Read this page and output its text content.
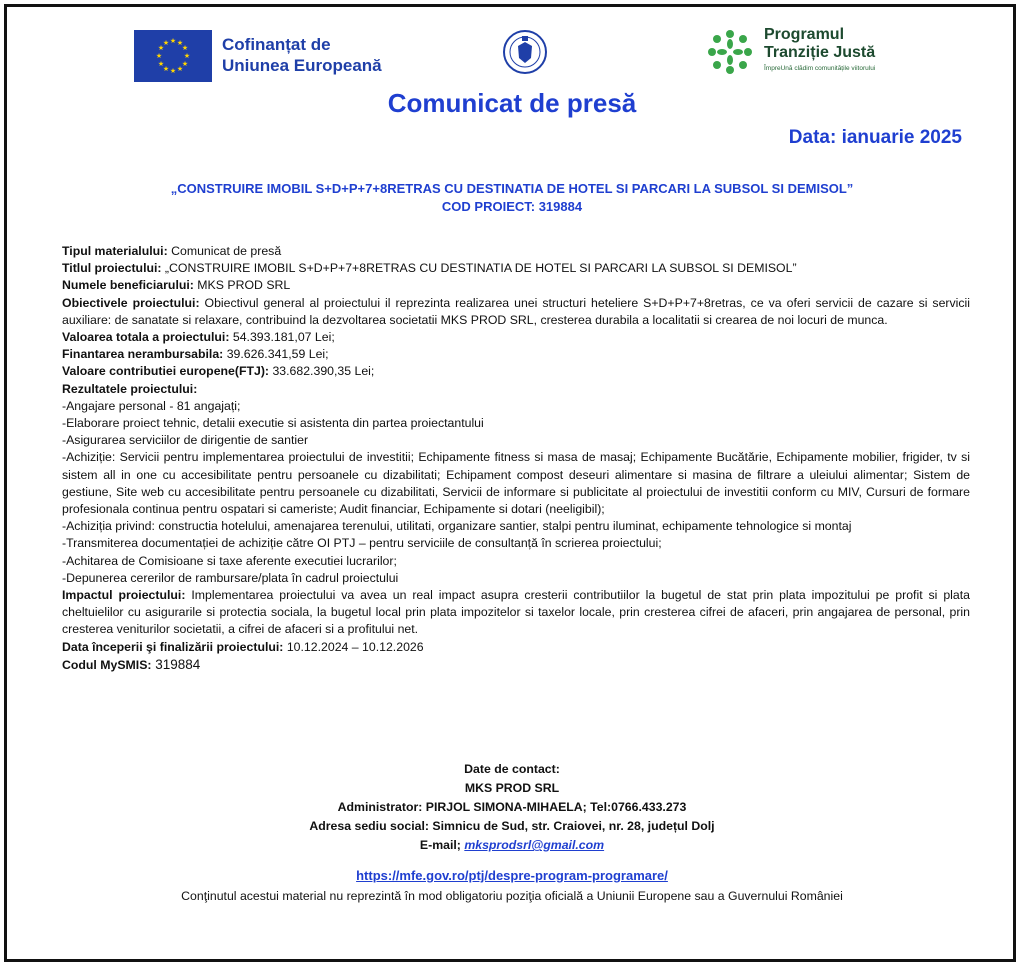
★ ★
★
★
★
★
★
★
★
★
★
★	Cofinanțat de
Uniunea Europeană
Programul
Tranziție Justă
ÎmpreUnă clădim comunitățile viitorului
Comunicat de presă
Data: ianuarie 2025
„CONSTRUIRE IMOBIL S+D+P+7+8RETRAS CU DESTINATIA DE HOTEL SI PARCARI LA SUBSOL SI DEMISOL”
COD PROIECT: 319884

Tipul materialului: Comunicat de presă

Titlul proiectului: „CONSTRUIRE IMOBIL S+D+P+7+8RETRAS CU DESTINATIA DE HOTEL SI PARCARI LA SUBSOL SI DEMISOL”

Numele beneficiarului: MKS PROD SRL

Obiectivele proiectului: Obiectivul general al proiectului il reprezinta realizarea unei structuri heteliere S+D+P+7+8retras, ce va oferi servicii de cazare si servicii auxiliare: de sanatate si relaxare, contribuind la dezvoltarea societatii MKS PROD SRL, cresterea durabila a localitatii si crearea de noi locuri de munca.

Valoarea totala a proiectului: 54.393.181,07 Lei;

Finantarea nerambursabila: 39.626.341,59 Lei;

Valoare contributiei europene(FTJ): 33.682.390,35 Lei;

Rezultatele proiectului:

-Angajare personal - 81 angajați;

-Elaborare proiect tehnic, detalii executie si asistenta din partea proiectantului

-Asigurarea serviciilor de dirigentie de santier

-Achiziție: Servicii pentru implementarea proiectului de investitii; Echipamente fitness si masa de masaj; Echipamente Bucătărie, Echipamente mobilier, frigider, tv si sistem all in one cu accesibilitate pentru persoanele cu dizabilitati; Echipament compost deseuri alimentare si masina de filtrare a uleiului alimentar; Sistem de gestiune, Site web cu accesibilitate pentru persoanele cu dizabilitati, Servicii de informare si publicitate al proiectului de investitii conform cu MIV, Cursuri de formare profesionala continua pentru ospatari si cameriste; Audit financiar, Echipamente si dotari (neeligibil);

-Achiziția privind: constructia hotelului, amenajarea terenului, utilitati, organizare santier, stalpi pentru iluminat, echipamente tehnologice si montaj

-Transmiterea documentației de achiziție către OI PTJ – pentru serviciile de consultanță în scrierea proiectului;

-Achitarea de Comisioane si taxe aferente executiei lucrarilor;

-Depunerea cererilor de rambursare/plata în cadrul proiectului

Impactul proiectului: Implementarea proiectului va avea un real impact asupra cresterii contributiilor la bugetul de stat prin plata impozitului pe profit si plata cheltuielilor cu asigurarile si protectia sociala, la bugetul local prin plata impozitelor si taxelor locale, prin cresterea cifrei de afaceri, prin angajarea de personal, prin cresterea veniturilor societatii, a cifrei de afaceri si a profitului net.

Data începerii şi finalizării proiectului: 10.12.2024 – 10.12.2026

Codul MySMIS: 319884

Date de contact:
MKS PROD SRL
Administrator: PIRJOL SIMONA-MIHAELA; Tel:0766.433.273
Adresa sediu social: Simnicu de Sud, str. Craiovei, nr. 28, județul Dolj
E-mail; mksprodsrl@gmail.com
https://mfe.gov.ro/ptj/despre-program-programare/
Conţinutul acestui material nu reprezintă în mod obligatoriu poziţia oficială a Uniunii Europene sau a Guvernului României
